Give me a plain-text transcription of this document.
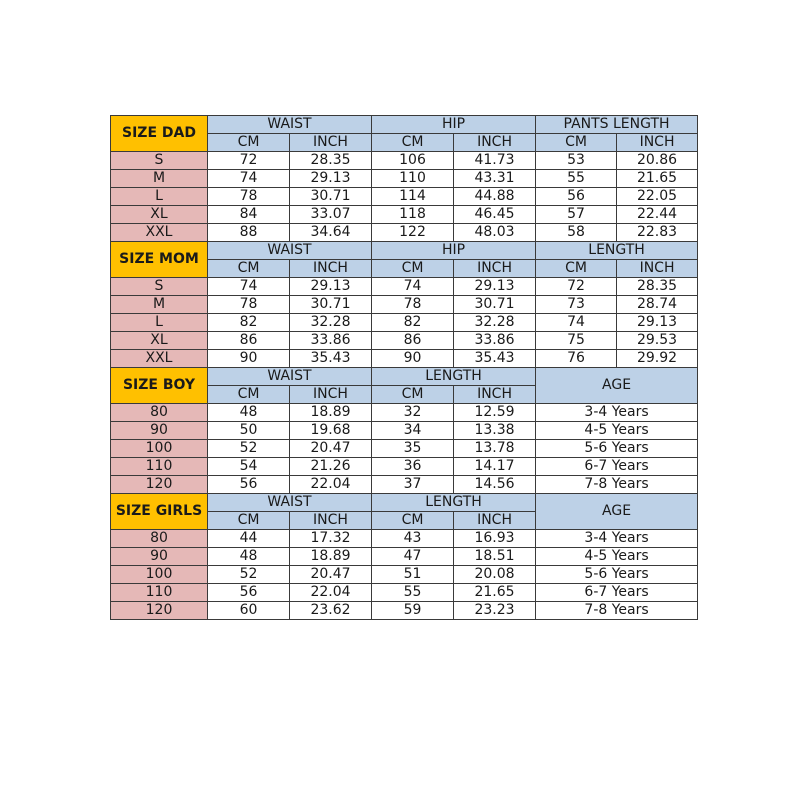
SIZE DAD	WAIST		HIP		PANTS LENGTH	
	CM	INCH	CM	INCH	CM	INCH
S	72	28.35	106	41.73	53	20.86
M	74	29.13	110	43.31	55	21.65
L	78	30.71	114	44.88	56	22.05
XL	84	33.07	118	46.45	57	22.44
XXL	88	34.64	122	48.03	58	22.83
SIZE MOM	WAIST		HIP		LENGTH	
	CM	INCH	CM	INCH	CM	INCH
S	74	29.13	74	29.13	72	28.35
M	78	30.71	78	30.71	73	28.74
L	82	32.28	82	32.28	74	29.13
XL	86	33.86	86	33.86	75	29.53
XXL	90	35.43	90	35.43	76	29.92
SIZE BOY	WAIST		LENGTH		AGE	
	CM	INCH	CM	INCH		
80	48	18.89	32	12.59	3-4 Years	
90	50	19.68	34	13.38	4-5 Years	
100	52	20.47	35	13.78	5-6 Years	
110	54	21.26	36	14.17	6-7 Years	
120	56	22.04	37	14.56	7-8 Years	
SIZE GIRLS	WAIST		LENGTH		AGE	
	CM	INCH	CM	INCH		
80	44	17.32	43	16.93	3-4 Years	
90	48	18.89	47	18.51	4-5 Years	
100	52	20.47	51	20.08	5-6 Years	
110	56	22.04	55	21.65	6-7 Years	
120	60	23.62	59	23.23	7-8 Years	
